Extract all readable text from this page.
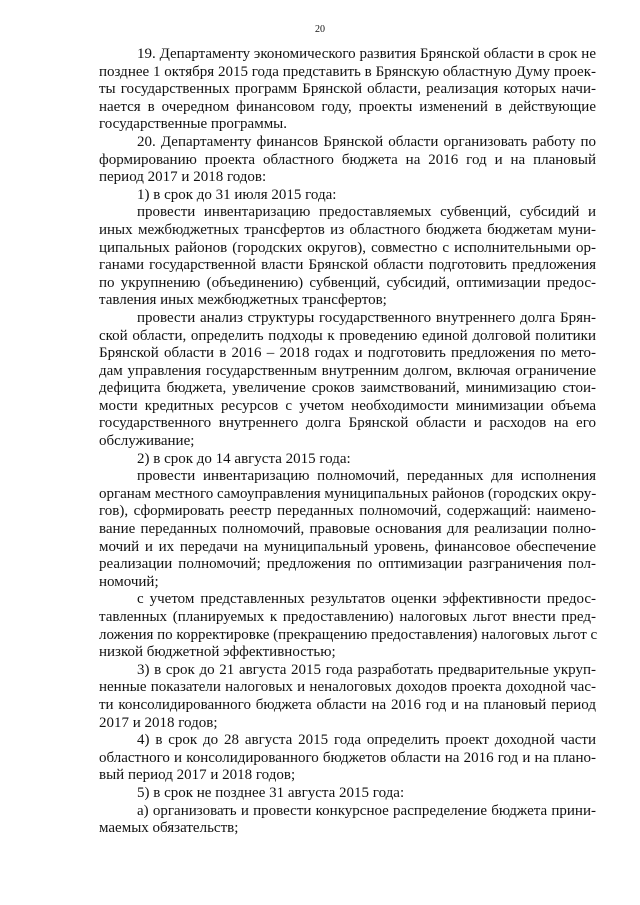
20
19. Департаменту экономического развития Брянской области в срок не
позднее 1 октября 2015 года представить в Брянскую областную Думу проек-
ты государственных программ Брянской области, реализация которых начи-
нается в очередном финансовом году, проекты изменений в действующие
государственные программы.
20. Департаменту финансов Брянской области организовать работу по
формированию проекта областного бюджета на 2016 год и на плановый
период 2017 и 2018 годов:
1) в срок до 31 июля 2015 года:
провести инвентаризацию предоставляемых субвенций, субсидий и
иных межбюджетных трансфертов из областного бюджета бюджетам муни-
ципальных районов (городских округов), совместно с исполнительными ор-
ганами государственной власти Брянской области подготовить предложения
по укрупнению (объединению) субвенций, субсидий, оптимизации предос-
тавления иных межбюджетных трансфертов;
провести анализ структуры государственного внутреннего долга Брян-
ской области, определить подходы к проведению единой долговой политики
Брянской области в 2016 – 2018 годах и подготовить предложения по мето-
дам управления государственным внутренним долгом, включая ограничение
дефицита бюджета, увеличение сроков заимствований, минимизацию стои-
мости кредитных ресурсов с учетом необходимости минимизации объема
государственного внутреннего долга Брянской области и расходов на его
обслуживание;
2) в срок до 14 августа 2015 года:
провести инвентаризацию полномочий, переданных для исполнения
органам местного самоуправления муниципальных районов (городских окру-
гов), сформировать реестр переданных полномочий, содержащий: наимено-
вание переданных полномочий, правовые основания для реализации полно-
мочий и их передачи на муниципальный уровень, финансовое обеспечение
реализации полномочий; предложения по оптимизации разграничения пол-
номочий;
с учетом представленных результатов оценки эффективности предос-
тавленных (планируемых к предоставлению) налоговых льгот внести пред-
ложения по корректировке (прекращению предоставления) налоговых льгот с
низкой бюджетной эффективностью;
3) в срок до 21 августа 2015 года разработать предварительные укруп-
ненные показатели налоговых и неналоговых доходов проекта доходной час-
ти консолидированного бюджета области на 2016 год и на плановый период
2017 и 2018 годов;
4) в срок до 28 августа 2015 года определить проект доходной части
областного и консолидированного бюджетов области на 2016 год и на плано-
вый период 2017 и 2018 годов;
5) в срок не позднее 31 августа 2015 года:
а) организовать и провести конкурсное распределение бюджета прини-
маемых обязательств;
